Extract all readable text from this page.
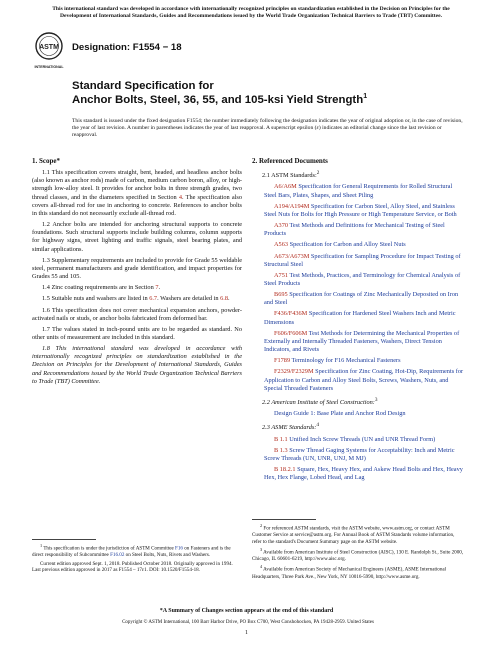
This international standard was developed in accordance with internationally recognized principles on standardization established in the Decision on Principles for the Development of International Standards, Guides and Recommendations issued by the World Trade Organization Technical Barriers to Trade (TBT) Committee.
ASTM
INTERNATIONAL
Designation: F1554 − 18
Standard Specification for
Anchor Bolts, Steel, 36, 55, and 105-ksi Yield Strength$^1$
This standard is issued under the fixed designation F1554; the number immediately following the designation indicates the year of original adoption or, in the case of revision, the year of last revision. A number in parentheses indicates the year of last reapproval. A superscript epsilon (ε) indicates an editorial change since the last revision or reapproval.
1. Scope*

1.1 This specification covers straight, bent, headed, and headless anchor bolts (also known as anchor rods) made of carbon, medium carbon boron, alloy, or high-strength low-alloy steel. It provides for anchor bolts in three strength grades, two thread classes, and in the diameters specified in Section 4. The specification also covers all-thread rod for use in anchoring to concrete. References to anchor bolts in this standard do not necessarily exclude all-thread rod.

1.2 Anchor bolts are intended for anchoring structural supports to concrete foundations. Such structural supports include building columns, column supports for highway signs, street lighting and traffic signals, steel bearing plates, and similar applications.

1.3 Supplementary requirements are included to provide for Grade 55 weldable steel, permanent manufacturers and grade identification, and impact properties for Grades 55 and 105.

1.4 Zinc coating requirements are in Section 7.

1.5 Suitable nuts and washers are listed in 6.7. Washers are detailed in 6.8.

1.6 This specification does not cover mechanical expansion anchors, powder-activated nails or studs, or anchor bolts fabricated from deformed bar.

1.7 The values stated in inch-pound units are to be regarded as standard. No other units of measurement are included in this standard.

1.8 This international standard was developed in accordance with internationally recognized principles on standardization established in the Decision on Principles for the Development of International Standards, Guides and Recommendations issued by the World Trade Organization Technical Barriers to Trade (TBT) Committee.

$^1$ This specification is under the jurisdiction of ASTM Committee F16 on Fasteners and is the direct responsibility of Subcommittee F16.02 on Steel Bolts, Nuts, Rivets and Washers.

Current edition approved Sept. 1, 2018. Published October 2018. Originally approved in 1994. Last previous edition approved in 2017 as F1554 – 17ε1. DOI: 10.1520/F1554-18.

2. Referenced Documents

2.1 ASTM Standards:$^2$

A6/A6M Specification for General Requirements for Rolled Structural Steel Bars, Plates, Shapes, and Sheet Piling

A194/A194M Specification for Carbon Steel, Alloy Steel, and Stainless Steel Nuts for Bolts for High Pressure or High Temperature Service, or Both

A370 Test Methods and Definitions for Mechanical Testing of Steel Products

A563 Specification for Carbon and Alloy Steel Nuts

A673/A673M Specification for Sampling Procedure for Impact Testing of Structural Steel

A751 Test Methods, Practices, and Terminology for Chemical Analysis of Steel Products

B695 Specification for Coatings of Zinc Mechanically Deposited on Iron and Steel

F436/F436M Specification for Hardened Steel Washers Inch and Metric Dimensions

F606/F606M Test Methods for Determining the Mechanical Properties of Externally and Internally Threaded Fasteners, Washers, Direct Tension Indicators, and Rivets

F1789 Terminology for F16 Mechanical Fasteners

F2329/F2329M Specification for Zinc Coating, Hot-Dip, Requirements for Application to Carbon and Alloy Steel Bolts, Screws, Washers, Nuts, and Special Threaded Fasteners

2.2 American Institute of Steel Construction:$^3$

Design Guide 1: Base Plate and Anchor Rod Design

2.3 ASME Standards:$^4$

B 1.1 Unified Inch Screw Threads (UN and UNR Thread Form)

B 1.3 Screw Thread Gaging Systems for Acceptability: Inch and Metric Screw Threads (UN, UNR, UNJ, M MJ)

B 18.2.1 Square, Hex, Heavy Hex, and Askew Head Bolts and Hex, Heavy Hex, Hex Flange, Lobed Head, and Lag

$^2$ For referenced ASTM standards, visit the ASTM website, www.astm.org, or contact ASTM Customer Service at service@astm.org. For Annual Book of ASTM Standards volume information, refer to the standard's Document Summary page on the ASTM website.

$^3$ Available from American Institute of Steel Construction (AISC), 130 E. Randolph St., Suite 2000, Chicago, IL 60601-6219, http://www.aisc.org.

$^4$ Available from American Society of Mechanical Engineers (ASME), ASME International Headquarters, Three Park Ave., New York, NY 10016-5990, http://www.asme.org.

*A Summary of Changes section appears at the end of this standard
Copyright © ASTM International, 100 Barr Harbor Drive, PO Box C700, West Conshohocken, PA 19428-2959. United States
1
